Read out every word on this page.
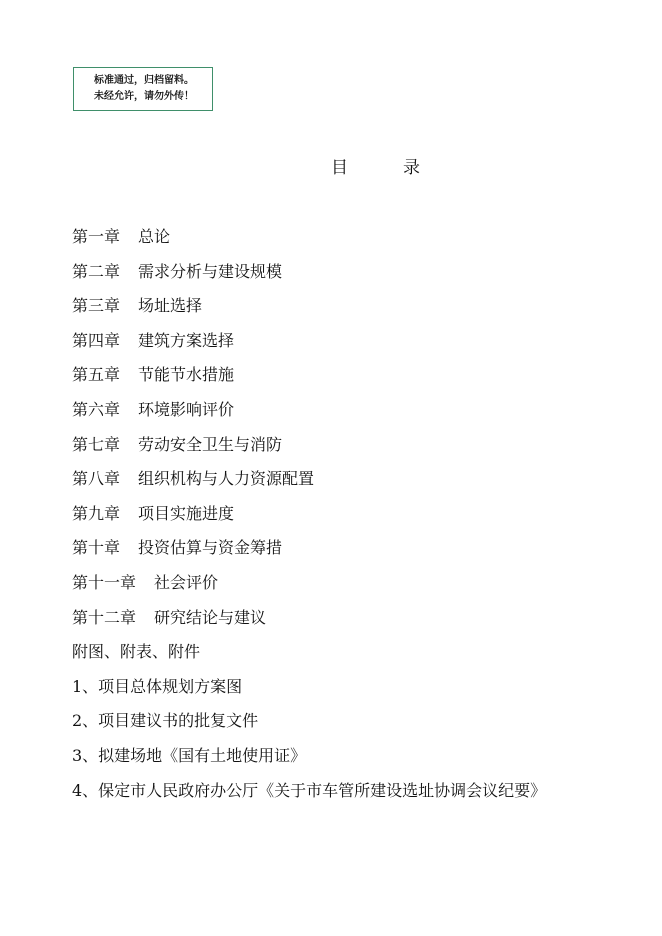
标准通过，归档留料。
未经允许，请勿外传！
目	录
第一章 总论
第二章 需求分析与建设规模
第三章 场址选择
第四章 建筑方案选择
第五章 节能节水措施
第六章 环境影响评价
第七章 劳动安全卫生与消防
第八章 组织机构与人力资源配置
第九章 项目实施进度
第十章 投资估算与资金筹措
第十一章 社会评价
第十二章 研究结论与建议
附图、附表、附件
1、项目总体规划方案图
2、项目建议书的批复文件
3、拟建场地《国有土地使用证》
4、保定市人民政府办公厅《关于市车管所建设选址协调会议纪要》
